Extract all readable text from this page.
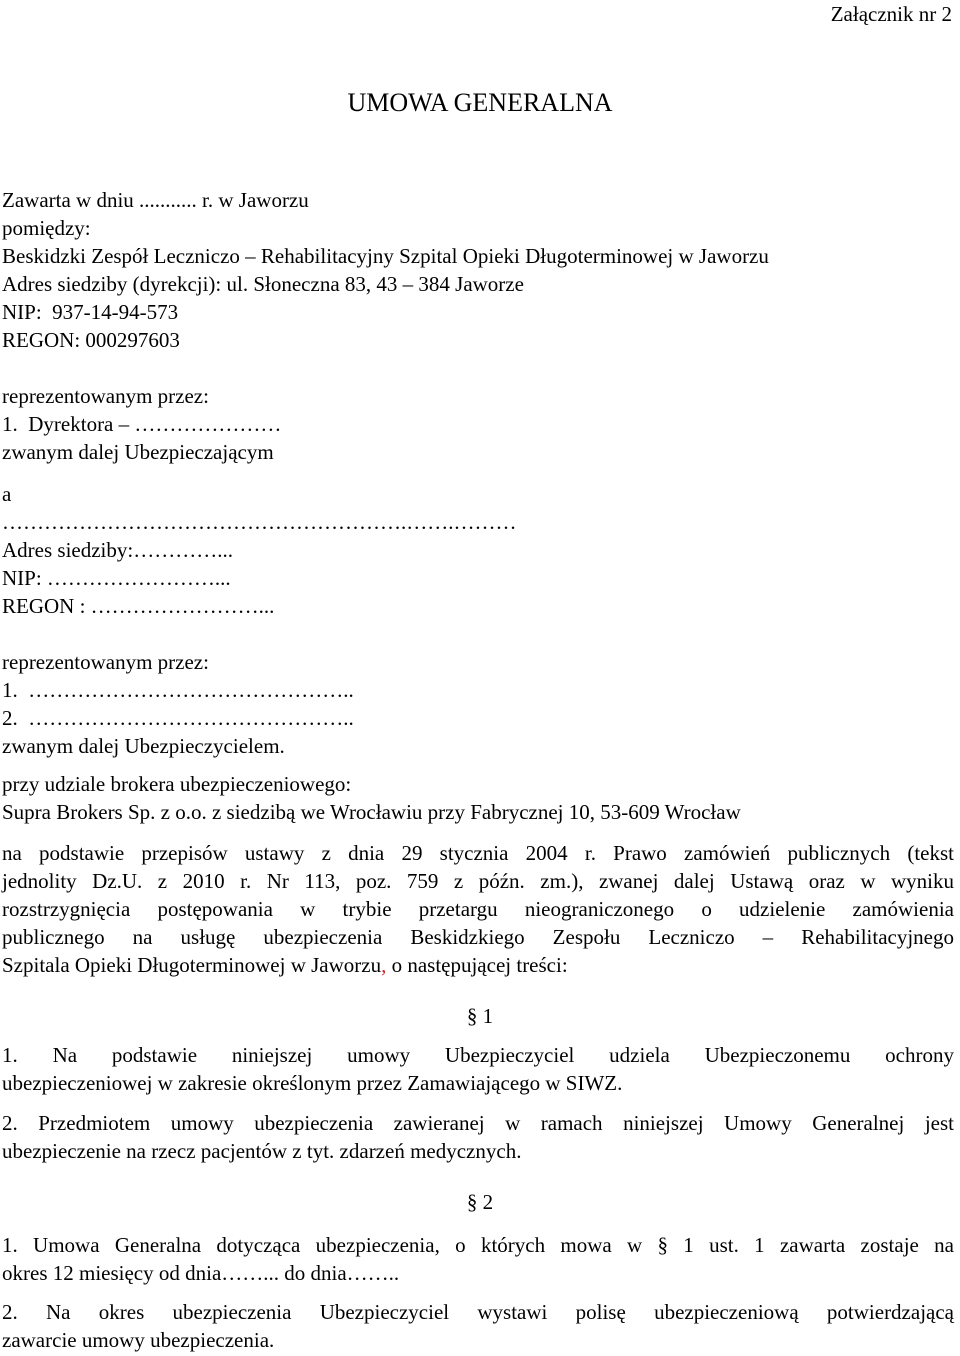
Załącznik nr 2
UMOWA GENERALNA
Zawarta w dniu ........... r. w Jaworzu
pomiędzy:
Beskidzki Zespół Leczniczo – Rehabilitacyjny Szpital Opieki Długoterminowej w Jaworzu
Adres siedziby (dyrekcji): ul. Słoneczna 83, 43 – 384 Jaworze
NIP:  937-14-94-573
REGON: 000297603
reprezentowanym przez:
1.  Dyrektora – …………………
zwanym dalej Ubezpieczającym
a
………………………………………………….…….………
Adres siedziby:…………...
NIP: ……………………...
REGON : ……………………...
reprezentowanym przez:
1.  ………………………………………..
2.  ………………………………………..
zwanym dalej Ubezpieczycielem.
przy udziale brokera ubezpieczeniowego:
Supra Brokers Sp. z o.o. z siedzibą we Wrocławiu przy Fabrycznej 10, 53-609 Wrocław
na podstawie przepisów ustawy z dnia 29 stycznia 2004 r. Prawo zamówień publicznych (tekst
jednolity Dz.U. z 2010 r. Nr 113, poz. 759 z późn. zm.), zwanej dalej Ustawą oraz w wyniku
rozstrzygnięcia postępowania w trybie przetargu nieograniczonego o udzielenie zamówienia
publicznego na usługę ubezpieczenia Beskidzkiego Zespołu Leczniczo – Rehabilitacyjnego
Szpitala Opieki Długoterminowej w Jaworzu, o następującej treści:
§ 1
1. Na podstawie niniejszej umowy Ubezpieczyciel udziela Ubezpieczonemu ochrony
ubezpieczeniowej w zakresie określonym przez Zamawiającego w SIWZ.
2. Przedmiotem umowy ubezpieczenia zawieranej w ramach niniejszej Umowy Generalnej jest
ubezpieczenie na rzecz pacjentów z tyt. zdarzeń medycznych.
§ 2
1. Umowa Generalna dotycząca ubezpieczenia, o których mowa w § 1 ust. 1 zawarta zostaje na
okres 12 miesięcy od dnia……... do dnia……..
2. Na okres ubezpieczenia Ubezpieczyciel wystawi polisę ubezpieczeniową potwierdzającą
zawarcie umowy ubezpieczenia.
